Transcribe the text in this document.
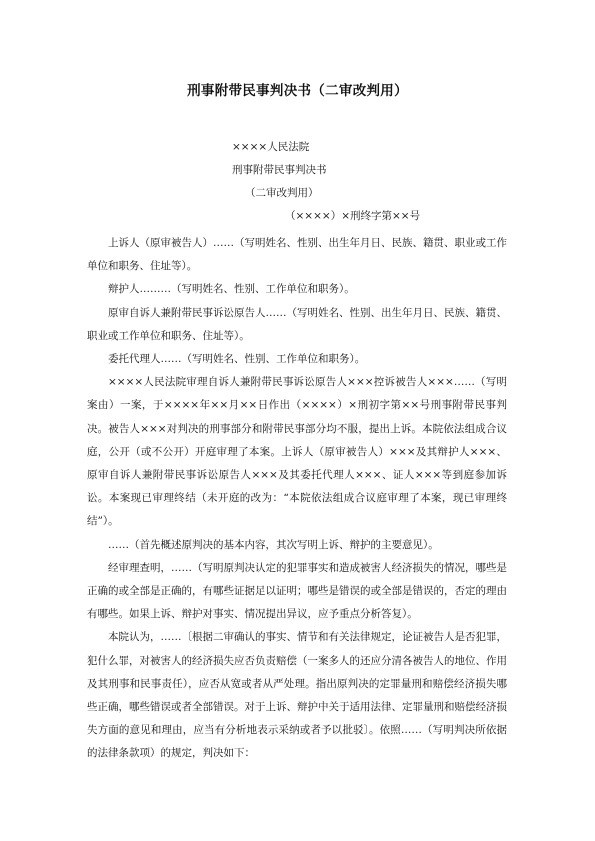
刑事附带民事判决书（二审改判用）
××××人民法院
刑事附带民事判决书
（二审改判用）
（××××）×刑终字第××号

上诉人（原审被告人）……（写明姓名、性别、出生年月日、民族、籍贯、职业或工作单位和职务、住址等）。

辩护人………（写明姓名、性别、工作单位和职务）。

原审自诉人兼附带民事诉讼原告人……（写明姓名、性别、出生年月日、民族、籍贯、职业或工作单位和职务、住址等）。

委托代理人……（写明姓名、性别、工作单位和职务）。

××××人民法院审理自诉人兼附带民事诉讼原告人×××控诉被告人×××……（写明案由）一案，于××××年××月××日作出（××××）×刑初字第××号刑事附带民事判决。被告人×××对判决的刑事部分和附带民事部分均不服，提出上诉。本院依法组成合议庭，公开（或不公开）开庭审理了本案。上诉人（原审被告人）×××及其辩护人×××、原审自诉人兼附带民事诉讼原告人×××及其委托代理人×××、证人×××等到庭参加诉讼。本案现已审理终结（未开庭的改为：“本院依法组成合议庭审理了本案，现已审理终结”）。

……（首先概述原判决的基本内容，其次写明上诉、辩护的主要意见）。

经审理查明，……（写明原判决认定的犯罪事实和造成被害人经济损失的情况，哪些是正确的或全部是正确的，有哪些证据足以证明；哪些是错误的或全部是错误的，否定的理由有哪些。如果上诉、辩护对事实、情况提出异议，应予重点分析答复）。

本院认为，……〔根据二审确认的事实、情节和有关法律规定，论证被告人是否犯罪，犯什么罪，对被害人的经济损失应否负责赔偿（一案多人的还应分清各被告人的地位、作用及其刑事和民事责任），应否从宽或者从严处理。指出原判决的定罪量刑和赔偿经济损失哪些正确，哪些错误或者全部错误。对于上诉、辩护中关于适用法律、定罪量刑和赔偿经济损失方面的意见和理由，应当有分析地表示采纳或者予以批驳〕。依照……（写明判决所依据的法律条款项）的规定，判决如下：
